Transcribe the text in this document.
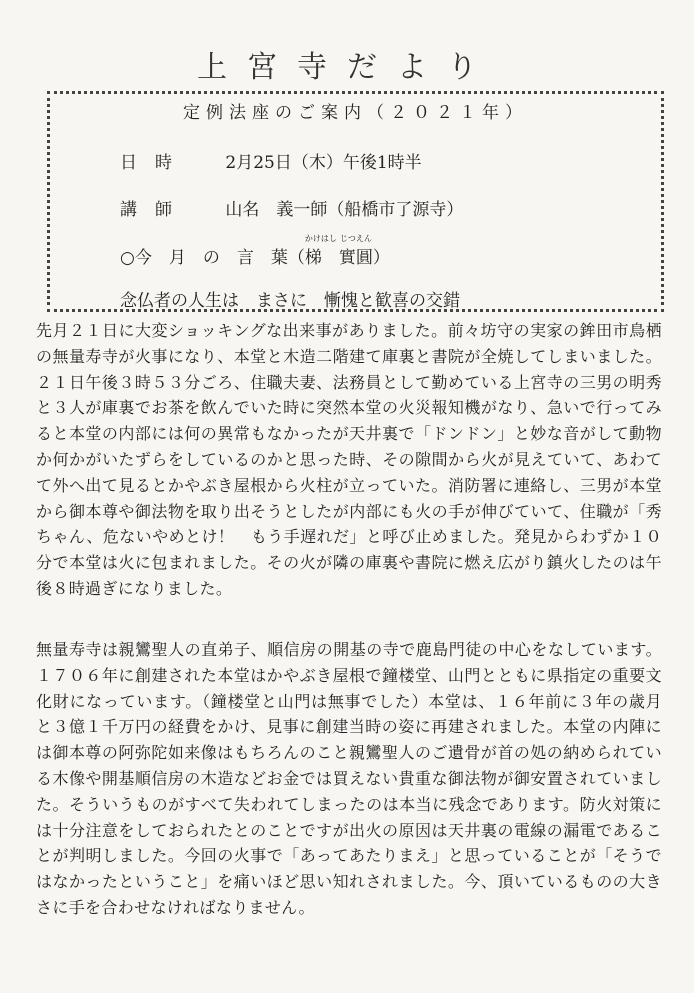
上宮寺だより
定例法座のご案内（２０２１年）
日時 2月25日（木）午後1時半
講師 山名　義一師（船橋市了源寺）
○今　月　の　言　葉（
かけはし
梯　
じつえん
實圓）
念仏者の人生は　まさに　慚愧と歓喜の交錯

先月２１日に大変ショッキングな出来事がありました。前々坊守の実家の鉾田市鳥栖の無量寿寺が火事になり、本堂と木造二階建て庫裏と書院が全焼してしまいました。２１日午後３時５３分ごろ、住職夫妻、法務員として勤めている上宮寺の三男の明秀と３人が庫裏でお茶を飲んでいた時に突然本堂の火災報知機がなり、急いで行ってみると本堂の内部には何の異常もなかったが天井裏で「ドンドン」と妙な音がして動物か何かがいたずらをしているのかと思った時、その隙間から火が見えていて、あわてて外へ出て見るとかやぶき屋根から火柱が立っていた。消防署に連絡し、三男が本堂から御本尊や御法物を取り出そうとしたが内部にも火の手が伸びていて、住職が「秀ちゃん、危ないやめとけ！　もう手遅れだ」と呼び止めました。発見からわずか１０分で本堂は火に包まれました。その火が隣の庫裏や書院に燃え広がり鎮火したのは午後８時過ぎになりました。

無量寿寺は親鸞聖人の直弟子、順信房の開基の寺で鹿島門徒の中心をなしています。１７０６年に創建された本堂はかやぶき屋根で鐘楼堂、山門とともに県指定の重要文化財になっています。（鐘楼堂と山門は無事でした）本堂は、１６年前に３年の歳月と３億１千万円の経費をかけ、見事に創建当時の姿に再建されました。本堂の内陣には御本尊の阿弥陀如来像はもちろんのこと親鸞聖人のご遺骨が首の処の納められている木像や開基順信房の木造などお金では買えない貴重な御法物が御安置されていました。そういうものがすべて失われてしまったのは本当に残念であります。防火対策には十分注意をしておられたとのことですが出火の原因は天井裏の電線の漏電であることが判明しました。今回の火事で「あってあたりまえ」と思っていることが「そうではなかったということ」を痛いほど思い知れされました。今、頂いているものの大きさに手を合わせなければなりません。
